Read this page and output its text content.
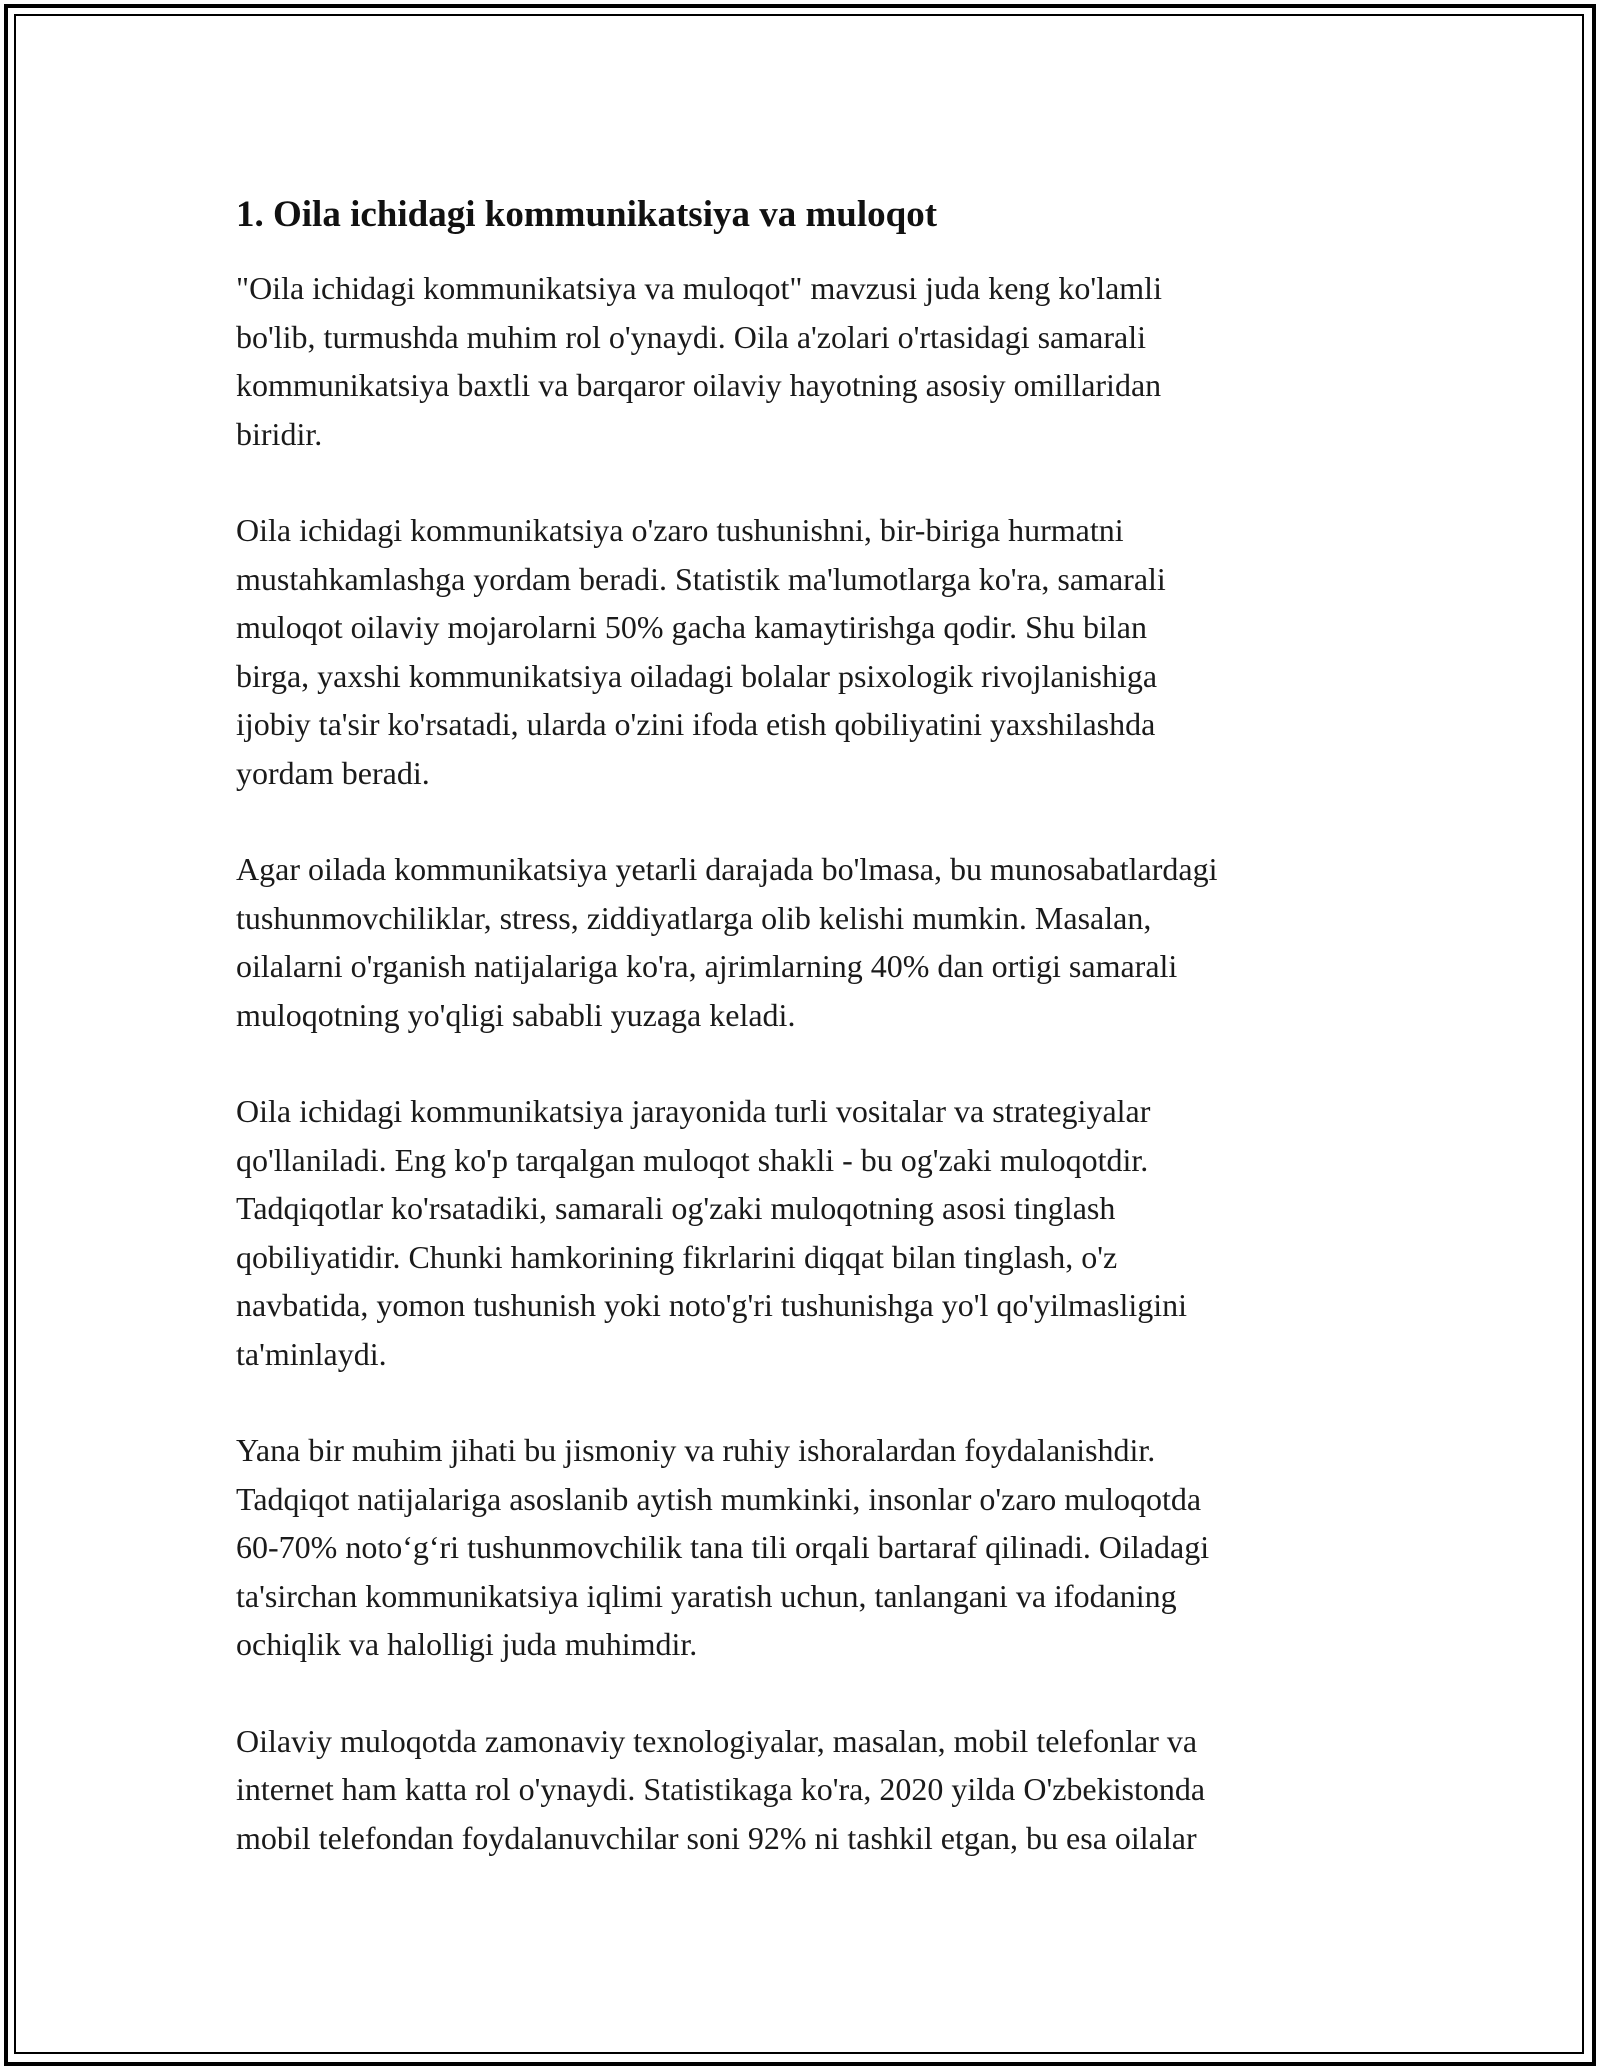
1. Oila ichidagi kommunikatsiya va muloqot

"Oila ichidagi kommunikatsiya va muloqot" mavzusi juda keng ko'lamli
bo'lib, turmushda muhim rol o'ynaydi. Oila a'zolari o'rtasidagi samarali
kommunikatsiya baxtli va barqaror oilaviy hayotning asosiy omillaridan
biridir.

Oila ichidagi kommunikatsiya o'zaro tushunishni, bir-biriga hurmatni
mustahkamlashga yordam beradi. Statistik ma'lumotlarga ko'ra, samarali
muloqot oilaviy mojarolarni 50% gacha kamaytirishga qodir. Shu bilan
birga, yaxshi kommunikatsiya oiladagi bolalar psixologik rivojlanishiga
ijobiy ta'sir ko'rsatadi, ularda o'zini ifoda etish qobiliyatini yaxshilashda
yordam beradi.

Agar oilada kommunikatsiya yetarli darajada bo'lmasa, bu munosabatlardagi
tushunmovchiliklar, stress, ziddiyatlarga olib kelishi mumkin. Masalan,
oilalarni o'rganish natijalariga ko'ra, ajrimlarning 40% dan ortigi samarali
muloqotning yo'qligi sababli yuzaga keladi.

Oila ichidagi kommunikatsiya jarayonida turli vositalar va strategiyalar
qo'llaniladi. Eng ko'p tarqalgan muloqot shakli - bu og'zaki muloqotdir.
Tadqiqotlar ko'rsatadiki, samarali og'zaki muloqotning asosi tinglash
qobiliyatidir. Chunki hamkorining fikrlarini diqqat bilan tinglash, o'z
navbatida, yomon tushunish yoki noto'g'ri tushunishga yo'l qo'yilmasligini
ta'minlaydi.

Yana bir muhim jihati bu jismoniy va ruhiy ishoralardan foydalanishdir.
Tadqiqot natijalariga asoslanib aytish mumkinki, insonlar o'zaro muloqotda
60-70% noto‘g‘ri tushunmovchilik tana tili orqali bartaraf qilinadi. Oiladagi
ta'sirchan kommunikatsiya iqlimi yaratish uchun, tanlangani va ifodaning
ochiqlik va halolligi juda muhimdir.

Oilaviy muloqotda zamonaviy texnologiyalar, masalan, mobil telefonlar va
internet ham katta rol o'ynaydi. Statistikaga ko'ra, 2020 yilda O'zbekistonda
mobil telefondan foydalanuvchilar soni 92% ni tashkil etgan, bu esa oilalar
